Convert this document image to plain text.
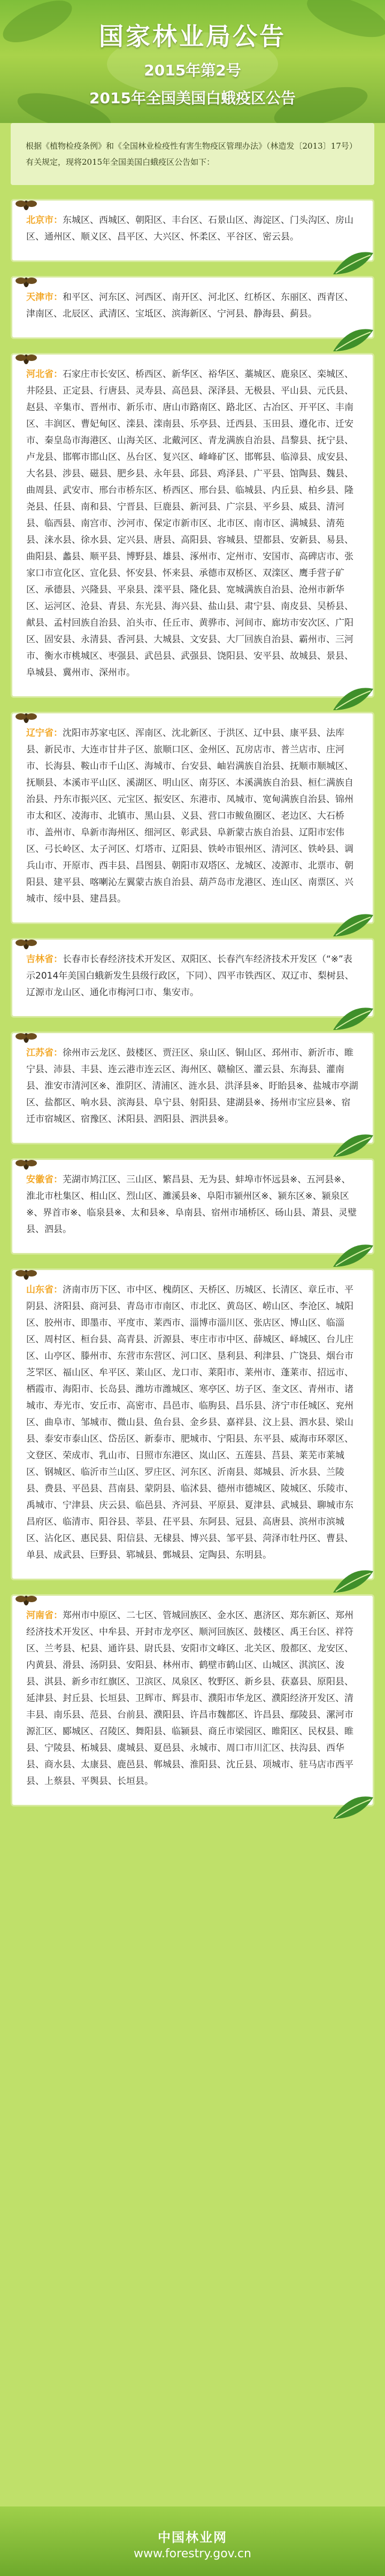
国家林业局公告
2015年第2号
2015年全国美国白蛾疫区公告
根据《植物检疫条例》和《全国林业检疫性有害生物疫区管理办法》（林造发〔2013〕17号）有关规定，现将2015年全国美国白蛾疫区公告如下：
北京市：东城区、西城区、朝阳区、丰台区、石景山区、海淀区、门头沟区、房山区、通州区、顺义区、昌平区、大兴区、怀柔区、平谷区、密云县。
天津市：和平区、河东区、河西区、南开区、河北区、红桥区、东丽区、西青区、津南区、北辰区、武清区、宝坻区、滨海新区、宁河县、静海县、蓟县。
河北省：石家庄市长安区、桥西区、新华区、裕华区、藁城区、鹿泉区、栾城区、井陉县、正定县、行唐县、灵寿县、高邑县、深泽县、无极县、平山县、元氏县、赵县、辛集市、晋州市、新乐市、唐山市路南区、路北区、古冶区、开平区、丰南区、丰润区、曹妃甸区、滦县、滦南县、乐亭县、迁西县、玉田县、遵化市、迁安市、秦皇岛市海港区、山海关区、北戴河区、青龙满族自治县、昌黎县、抚宁县、卢龙县、邯郸市邯山区、丛台区、复兴区、峰峰矿区、邯郸县、临漳县、成安县、大名县、涉县、磁县、肥乡县、永年县、邱县、鸡泽县、广平县、馆陶县、魏县、曲周县、武安市、邢台市桥东区、桥西区、邢台县、临城县、内丘县、柏乡县、隆尧县、任县、南和县、宁晋县、巨鹿县、新河县、广宗县、平乡县、威县、清河县、临西县、南宫市、沙河市、保定市新市区、北市区、南市区、满城县、清苑县、涞水县、徐水县、定兴县、唐县、高阳县、容城县、望都县、安新县、易县、曲阳县、蠡县、顺平县、博野县、雄县、涿州市、定州市、安国市、高碑店市、张家口市宣化区、宣化县、怀安县、怀来县、承德市双桥区、双滦区、鹰手营子矿区、承德县、兴隆县、平泉县、滦平县、隆化县、宽城满族自治县、沧州市新华区、运河区、沧县、青县、东光县、海兴县、盐山县、肃宁县、南皮县、吴桥县、献县、孟村回族自治县、泊头市、任丘市、黄骅市、河间市、廊坊市安次区、广阳区、固安县、永清县、香河县、大城县、文安县、大厂回族自治县、霸州市、三河市、衡水市桃城区、枣强县、武邑县、武强县、饶阳县、安平县、故城县、景县、阜城县、冀州市、深州市。
辽宁省：沈阳市苏家屯区、浑南区、沈北新区、于洪区、辽中县、康平县、法库县、新民市、大连市甘井子区、旅顺口区、金州区、瓦房店市、普兰店市、庄河市、长海县、鞍山市千山区、海城市、台安县、岫岩满族自治县、抚顺市顺城区、抚顺县、本溪市平山区、溪湖区、明山区、南芬区、本溪满族自治县、桓仁满族自治县、丹东市振兴区、元宝区、振安区、东港市、凤城市、宽甸满族自治县、锦州市太和区、凌海市、北镇市、黑山县、义县、营口市鲅鱼圈区、老边区、大石桥市、盖州市、阜新市海州区、细河区、彰武县、阜新蒙古族自治县、辽阳市宏伟区、弓长岭区、太子河区、灯塔市、辽阳县、铁岭市银州区、清河区、铁岭县、调兵山市、开原市、西丰县、昌图县、朝阳市双塔区、龙城区、凌源市、北票市、朝阳县、建平县、喀喇沁左翼蒙古族自治县、葫芦岛市龙港区、连山区、南票区、兴城市、绥中县、建昌县。
吉林省：长春市长春经济技术开发区、双阳区、长春汽车经济技术开发区（“※”表示2014年美国白蛾新发生县级行政区，下同）、四平市铁西区、双辽市、梨树县、辽源市龙山区、通化市梅河口市、集安市。
江苏省：徐州市云龙区、鼓楼区、贾汪区、泉山区、铜山区、邳州市、新沂市、睢宁县、沛县、丰县、连云港市连云区、海州区、赣榆区、灌云县、东海县、灌南县、淮安市清河区※、淮阴区、清浦区、涟水县、洪泽县※、盱眙县※、盐城市亭湖区、盐都区、响水县、滨海县、阜宁县、射阳县、建湖县※、扬州市宝应县※、宿迁市宿城区、宿豫区、沭阳县、泗阳县、泗洪县※。
安徽省：芜湖市鸠江区、三山区、繁昌县、无为县、蚌埠市怀远县※、五河县※、淮北市杜集区、相山区、烈山区、濉溪县※、阜阳市颍州区※、颍东区※、颍泉区※、界首市※、临泉县※、太和县※、阜南县、宿州市埇桥区、砀山县、萧县、灵璧县、泗县。
山东省：济南市历下区、市中区、槐荫区、天桥区、历城区、长清区、章丘市、平阴县、济阳县、商河县、青岛市市南区、市北区、黄岛区、崂山区、李沧区、城阳区、胶州市、即墨市、平度市、莱西市、淄博市淄川区、张店区、博山区、临淄区、周村区、桓台县、高青县、沂源县、枣庄市市中区、薛城区、峄城区、台儿庄区、山亭区、滕州市、东营市东营区、河口区、垦利县、利津县、广饶县、烟台市芝罘区、福山区、牟平区、莱山区、龙口市、莱阳市、莱州市、蓬莱市、招远市、栖霞市、海阳市、长岛县、潍坊市潍城区、寒亭区、坊子区、奎文区、青州市、诸城市、寿光市、安丘市、高密市、昌邑市、临朐县、昌乐县、济宁市任城区、兖州区、曲阜市、邹城市、微山县、鱼台县、金乡县、嘉祥县、汶上县、泗水县、梁山县、泰安市泰山区、岱岳区、新泰市、肥城市、宁阳县、东平县、威海市环翠区、文登区、荣成市、乳山市、日照市东港区、岚山区、五莲县、莒县、莱芜市莱城区、钢城区、临沂市兰山区、罗庄区、河东区、沂南县、郯城县、沂水县、兰陵县、费县、平邑县、莒南县、蒙阴县、临沭县、德州市德城区、陵城区、乐陵市、禹城市、宁津县、庆云县、临邑县、齐河县、平原县、夏津县、武城县、聊城市东昌府区、临清市、阳谷县、莘县、茌平县、东阿县、冠县、高唐县、滨州市滨城区、沾化区、惠民县、阳信县、无棣县、博兴县、邹平县、菏泽市牡丹区、曹县、单县、成武县、巨野县、郓城县、鄄城县、定陶县、东明县。
河南省：郑州市中原区、二七区、管城回族区、金水区、惠济区、郑东新区、郑州经济技术开发区、中牟县、开封市龙亭区、顺河回族区、鼓楼区、禹王台区、祥符区、兰考县、杞县、通许县、尉氏县、安阳市文峰区、北关区、殷都区、龙安区、内黄县、滑县、汤阴县、安阳县、林州市、鹤壁市鹤山区、山城区、淇滨区、浚县、淇县、新乡市红旗区、卫滨区、凤泉区、牧野区、新乡县、获嘉县、原阳县、延津县、封丘县、长垣县、卫辉市、辉县市、濮阳市华龙区、濮阳经济开发区、清丰县、南乐县、范县、台前县、濮阳县、许昌市魏都区、许昌县、鄢陵县、漯河市源汇区、郾城区、召陵区、舞阳县、临颍县、商丘市梁园区、睢阳区、民权县、睢县、宁陵县、柘城县、虞城县、夏邑县、永城市、周口市川汇区、扶沟县、西华县、商水县、太康县、鹿邑县、郸城县、淮阳县、沈丘县、项城市、驻马店市西平县、上蔡县、平舆县、长垣县。
中国林业网
www.forestry.gov.cn
